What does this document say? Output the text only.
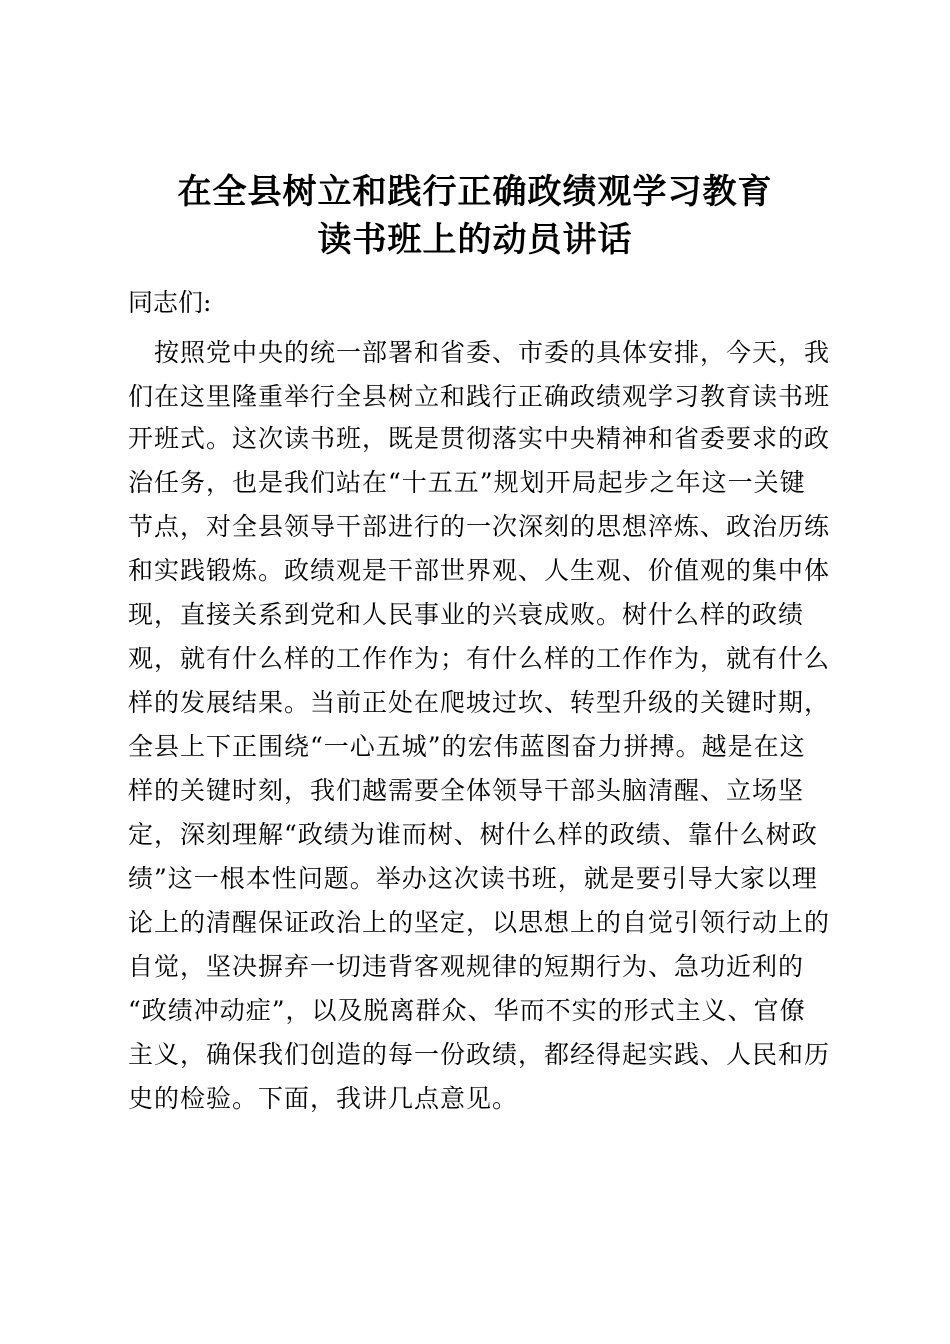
在全县树立和践行正确政绩观学习教育
读书班上的动员讲话
同志们:
　按照党中央的统一部署和省委、市委的具体安排，今天，我
们在这里隆重举行全县树立和践行正确政绩观学习教育读书班
开班式。这次读书班，既是贯彻落实中央精神和省委要求的政
治任务，也是我们站在“十五五”规划开局起步之年这一关键
节点，对全县领导干部进行的一次深刻的思想淬炼、政治历练
和实践锻炼。政绩观是干部世界观、人生观、价值观的集中体
现，直接关系到党和人民事业的兴衰成败。树什么样的政绩
观，就有什么样的工作作为；有什么样的工作作为，就有什么
样的发展结果。当前正处在爬坡过坎、转型升级的关键时期，
全县上下正围绕“一心五城”的宏伟蓝图奋力拼搏。越是在这
样的关键时刻，我们越需要全体领导干部头脑清醒、立场坚
定，深刻理解“政绩为谁而树、树什么样的政绩、靠什么树政
绩”这一根本性问题。举办这次读书班，就是要引导大家以理
论上的清醒保证政治上的坚定，以思想上的自觉引领行动上的
自觉，坚决摒弃一切违背客观规律的短期行为、急功近利的
“政绩冲动症”，以及脱离群众、华而不实的形式主义、官僚
主义，确保我们创造的每一份政绩，都经得起实践、人民和历
史的检验。下面，我讲几点意见。
